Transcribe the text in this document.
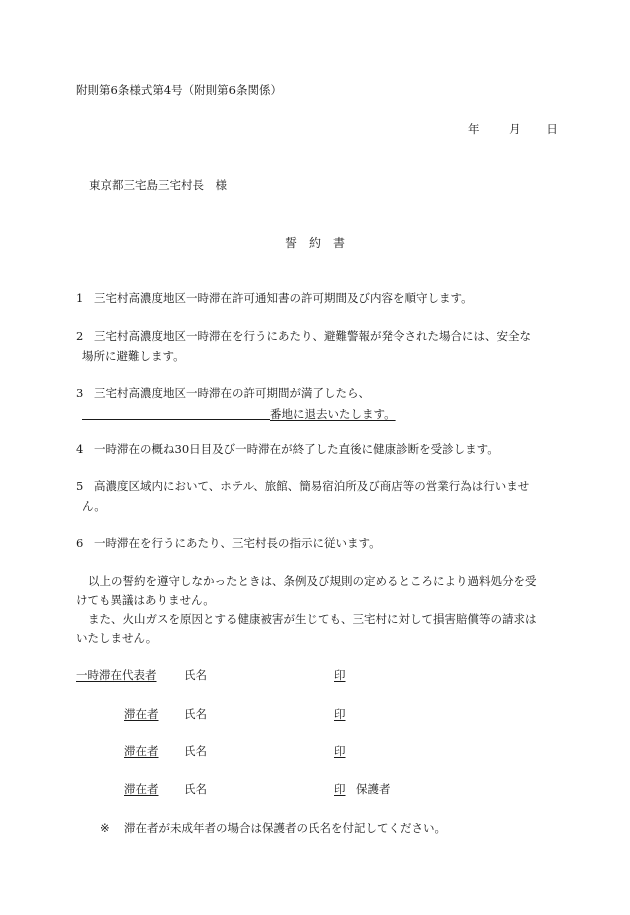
附則第6条様式第4号（附則第6条関係）
年	月 日
東京都三宅島三宅村長　様
誓　約　書
1 三宅村高濃度地区一時滞在許可通知書の許可期間及び内容を順守します。
2 三宅村高濃度地区一時滞在を行うにあたり、避難警報が発令された場合には、安全な
場所に避難します。
3 三宅村高濃度地区一時滞在の許可期間が満了したら、
番地に退去いたします。
4 一時滞在の概ね30日目及び一時滞在が終了した直後に健康診断を受診します。
5 高濃度区域内において、ホテル、旅館、簡易宿泊所及び商店等の営業行為は行いませ
ん。
6 一時滞在を行うにあたり、三宅村長の指示に従います。
以上の誓約を遵守しなかったときは、条例及び規則の定めるところにより過料処分を受
けても異議はありません。
また、火山ガスを原因とする健康被害が生じても、三宅村に対して損害賠償等の請求は
いたしません。
一時滞在代表者 氏名	印
滞在者 氏名	印
滞在者 氏名	印
滞在者 氏名	印 保護者
※ 滞在者が未成年者の場合は保護者の氏名を付記してください。
